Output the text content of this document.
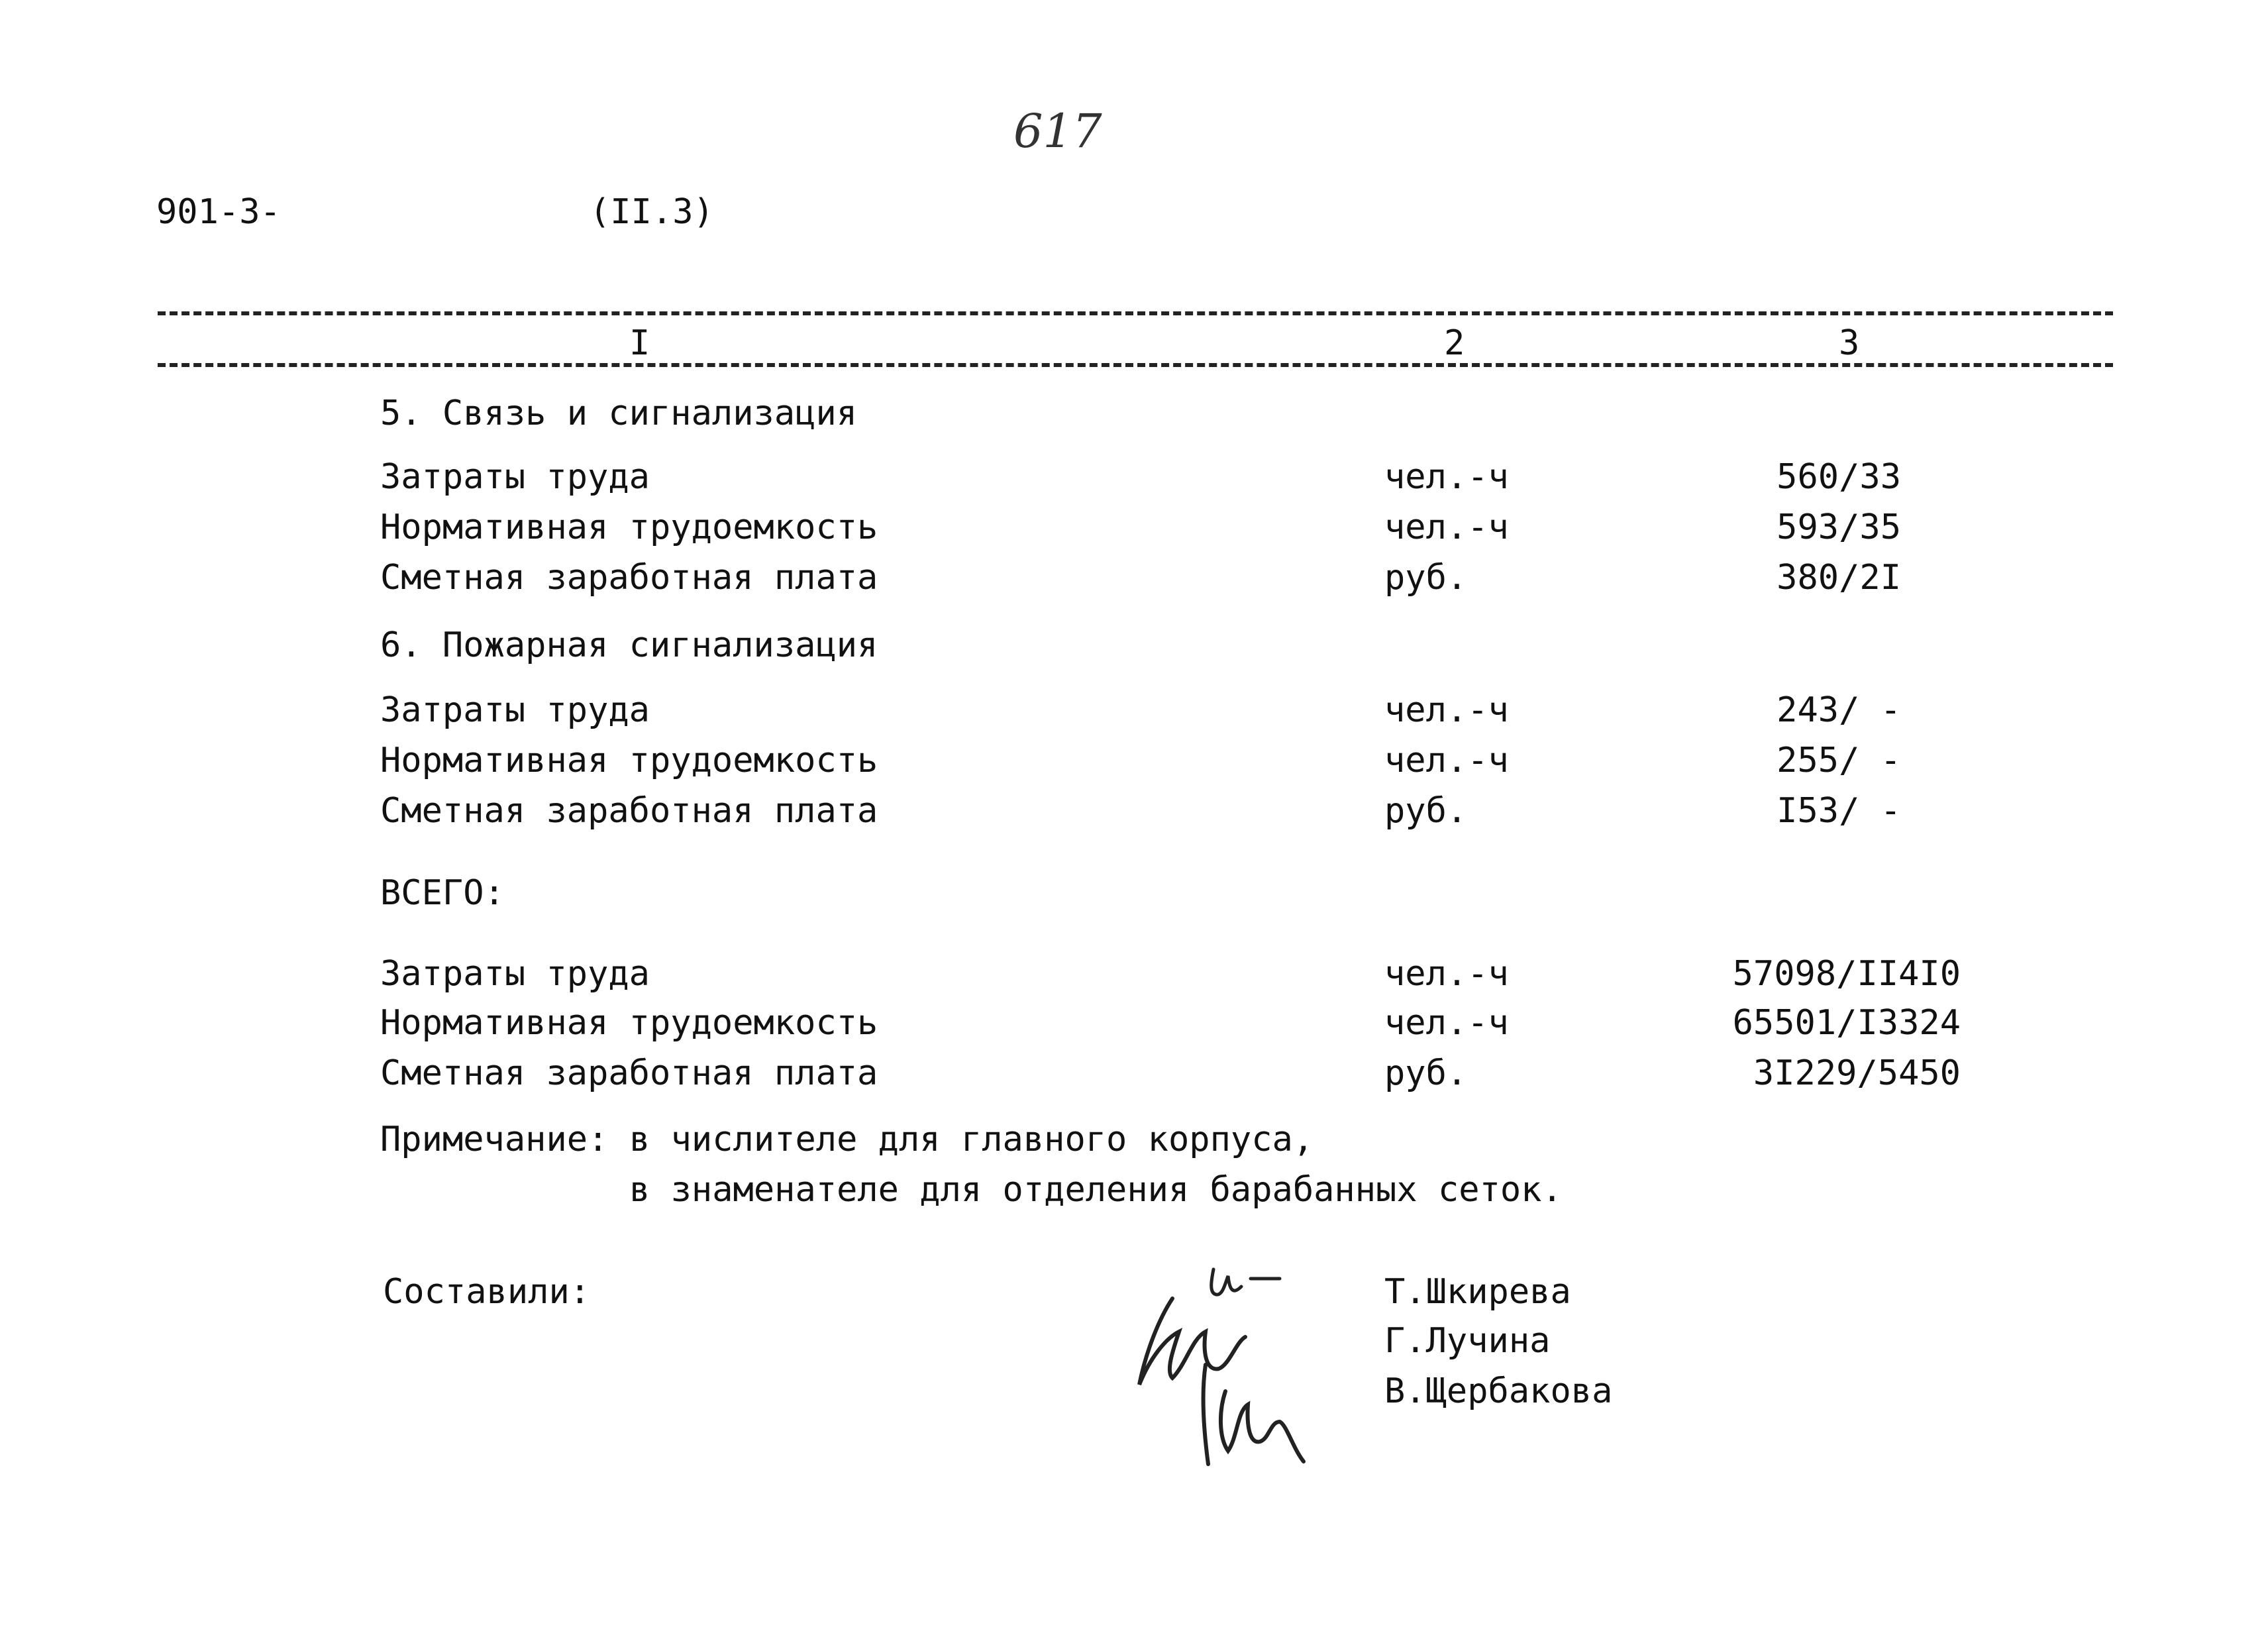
617
901-3-	(II.3)
I	2	3
5. Связь и сигнализация
Затраты труда	чел.-ч	560/33
Нормативная трудоемкость	чел.-ч	593/35
Сметная заработная плата	руб.	380/2I
6. Пожарная сигнализация
Затраты труда	чел.-ч	243/ -
Нормативная трудоемкость	чел.-ч	255/ -
Сметная заработная плата	руб.	I53/ -
ВСЕГО:
Затраты труда	чел.-ч	57098/II4I0
Нормативная трудоемкость	чел.-ч	65501/I3324
Сметная заработная плата	руб.	3I229/5450
Примечание: в числителе для главного корпуса,
в знаменателе для отделения барабанных сеток.
Составили:	Т.Шкирева
Г.Лучина
В.Щербакова
